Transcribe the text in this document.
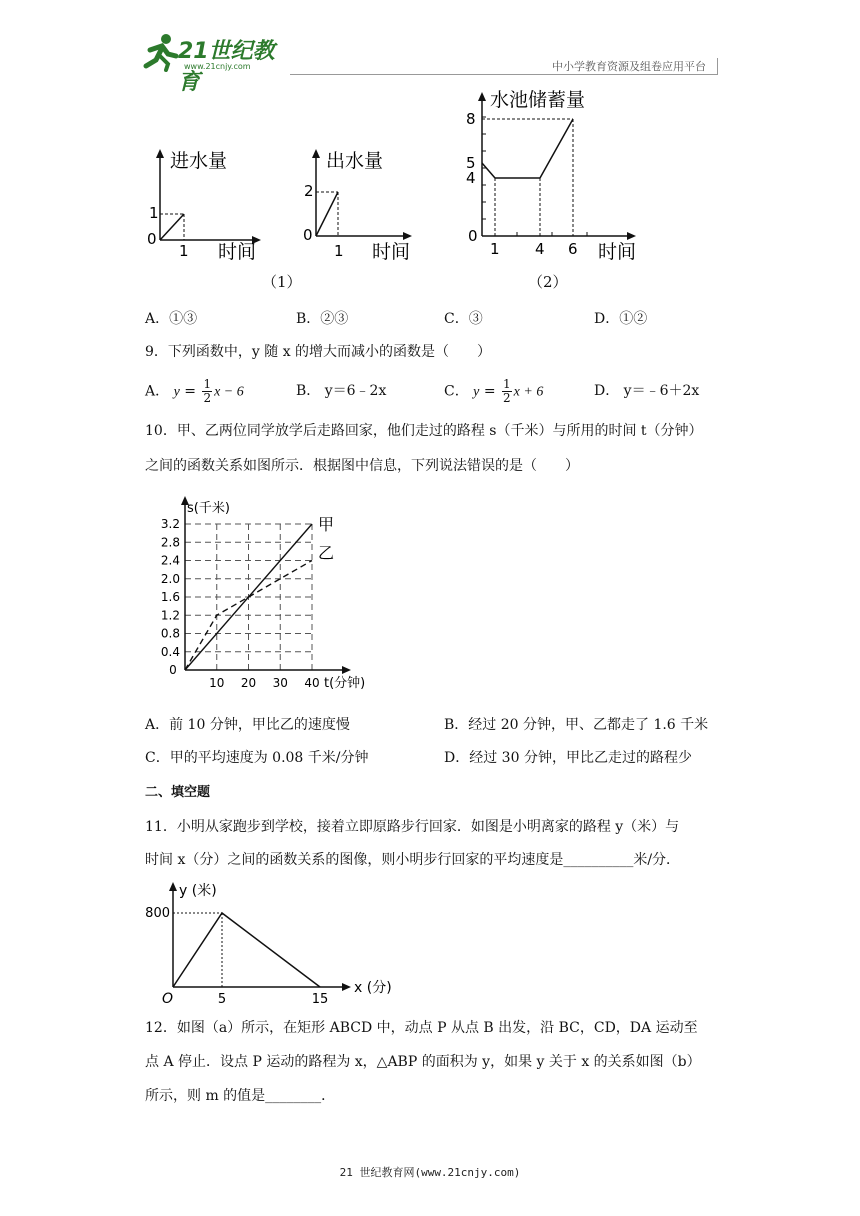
21世纪教育
www.21cnjy.com	中小学教育资源及组卷应用平台
进水量
0
1
1 时间
出水量
0
2
1 时间
水池储蓄量
8
5
4
0
1 4 6 时间
（1）	（2）
A．①③	B．②③	C．③	D．①②
9．下列函数中，y 随 x 的增大而减小的函数是（　　）
A． $y = \frac{1}{2}$ x − 6	B． y＝6﹣2x	C． $y = \frac{1}{2}$ x + 6	D． y＝﹣6＋2x
10．甲、乙两位同学放学后走路回家，他们走过的路程 s（千米）与所用的时间 t（分钟）
之间的函数关系如图所示．根据图中信息，下列说法错误的是（　　）
3.2
2.8
2.4
2.0
1.6
1.2
0.8
0.4
10 20 30 40
0
s(千米)
t(分钟)
甲
乙
A．前 10 分钟，甲比乙的速度慢	B．经过 20 分钟，甲、乙都走了 1.6 千米
C．甲的平均速度为 0.08 千米/分钟	D．经过 30 分钟，甲比乙走过的路程少
二、填空题
11．小明从家跑步到学校，接着立即原路步行回家．如图是小明离家的路程 y（米）与
时间 x（分）之间的函数关系的图像，则小明步行回家的平均速度是__________米/分．
800
5	15
O
y (米)
x (分)
12．如图（a）所示，在矩形 ABCD 中，动点 P 从点 B 出发，沿 BC，CD，DA 运动至
点 A 停止．设点 P 运动的路程为 x，△ABP 的面积为 y，如果 y 关于 x 的关系如图（b）
所示，则 m 的值是________．
21 世纪教育网(www.21cnjy.com)
